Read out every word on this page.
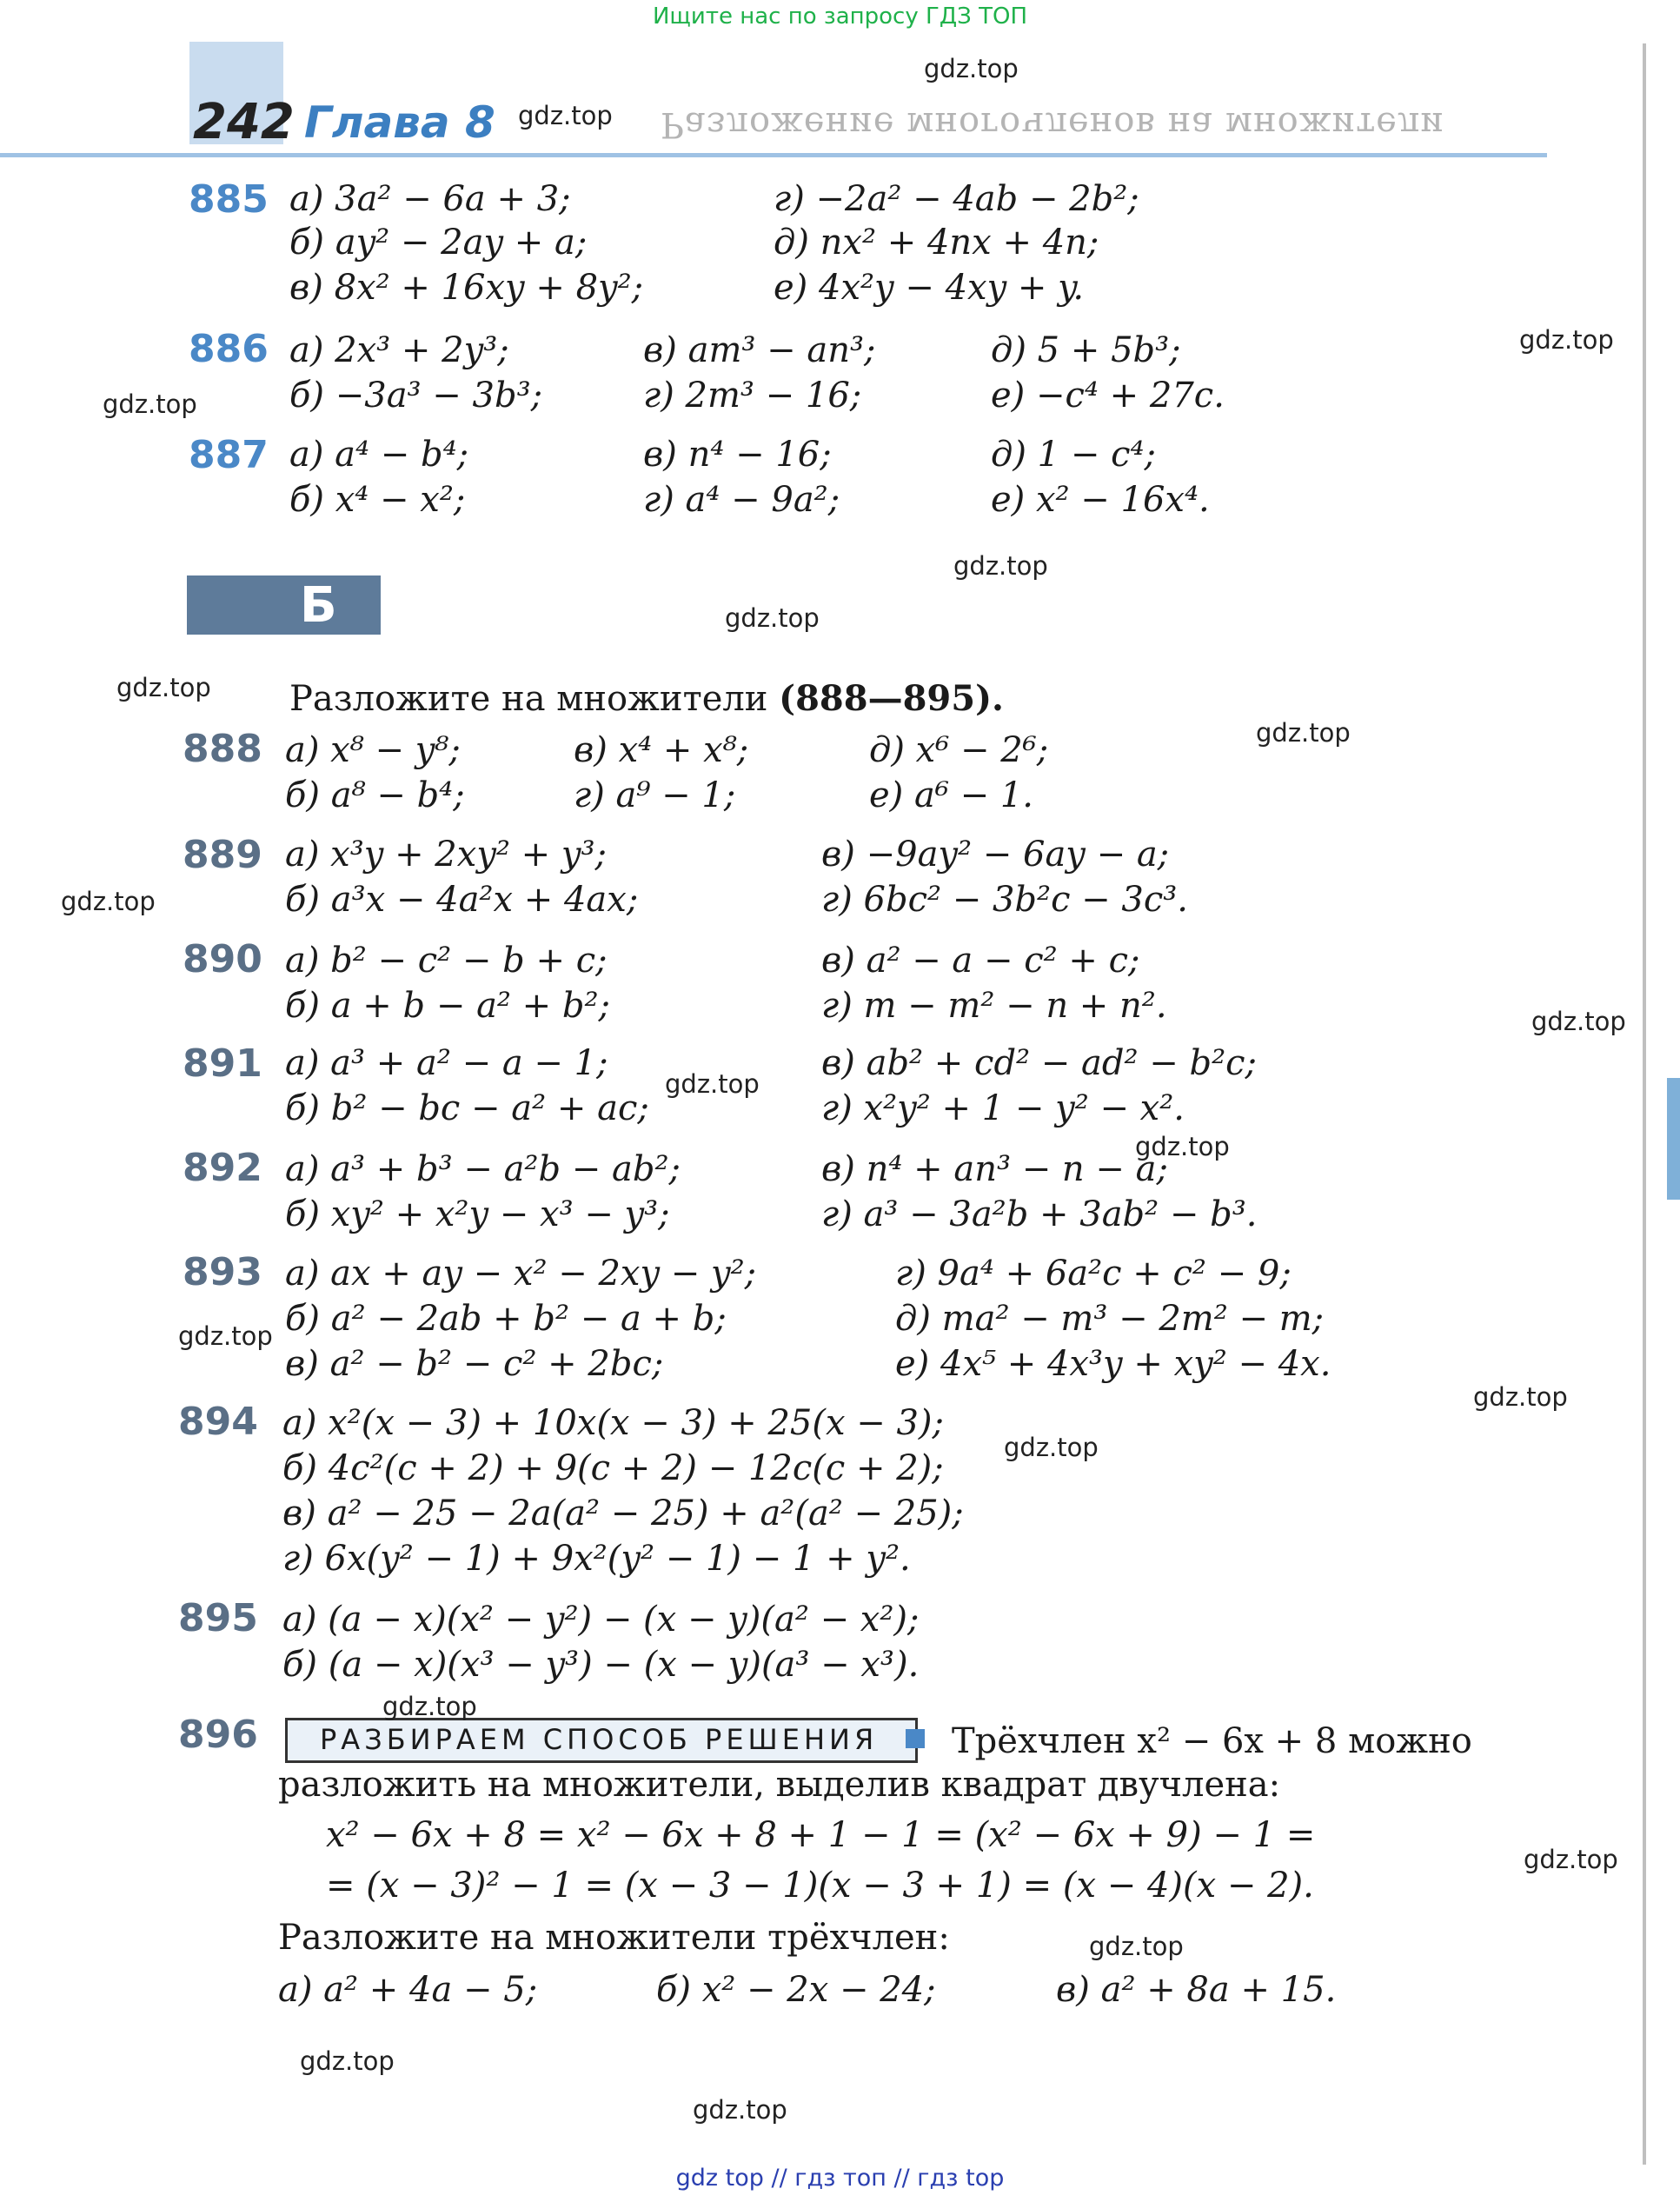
Ищите нас по запросу ГДЗ ТОП
242 Глава 8	Разложение многочленов на множители
885 а) 3a² − 6a + 3;	г) −2a² − 4ab − 2b²;
б) ay² − 2ay + a;	д) nx² + 4nx + 4n;
в) 8x² + 16xy + 8y²;	е) 4x²y − 4xy + y.
886 а) 2x³ + 2y³;	в) am³ − an³;	д) 5 + 5b³;
б) −3a³ − 3b³;	г) 2m³ − 16;	е) −c⁴ + 27c.
887 а) a⁴ − b⁴;	в) n⁴ − 16;	д) 1 − c⁴;
б) x⁴ − x²;	г) a⁴ − 9a²;	е) x² − 16x⁴.
Б
Разложите на множители (888—895).
888 а) x⁸ − y⁸;	в) x⁴ + x⁸;	д) x⁶ − 2⁶;
б) a⁸ − b⁴;	г) a⁹ − 1;	е) a⁶ − 1.
889 а) x³y + 2xy² + y³;	в) −9ay² − 6ay − a;
б) a³x − 4a²x + 4ax;	г) 6bc² − 3b²c − 3c³.
890 а) b² − c² − b + c;	в) a² − a − c² + c;
б) a + b − a² + b²;	г) m − m² − n + n².
891 а) a³ + a² − a − 1;	в) ab² + cd² − ad² − b²c;
б) b² − bc − a² + ac;	г) x²y² + 1 − y² − x².
892 а) a³ + b³ − a²b − ab²;	в) n⁴ + an³ − n − a;
б) xy² + x²y − x³ − y³;	г) a³ − 3a²b + 3ab² − b³.
893 а) ax + ay − x² − 2xy − y²;	г) 9a⁴ + 6a²c + c² − 9;
б) a² − 2ab + b² − a + b;	д) ma² − m³ − 2m² − m;
в) a² − b² − c² + 2bc;	е) 4x⁵ + 4x³y + xy² − 4x.
894 а) x²(x − 3) + 10x(x − 3) + 25(x − 3);
б) 4c²(c + 2) + 9(c + 2) − 12c(c + 2);
в) a² − 25 − 2a(a² − 25) + a²(a² − 25);
г) 6x(y² − 1) + 9x²(y² − 1) − 1 + y².
895 а) (a − x)(x² − y²) − (x − y)(a² − x²);
б) (a − x)(x³ − y³) − (x − y)(a³ − x³).
896 РАЗБИРАЕМ СПОСОБ РЕШЕНИЯ Трёхчлен x² − 6x + 8 можно
разложить на множители, выделив квадрат двучлена:
x² − 6x + 8 = x² − 6x + 8 + 1 − 1 = (x² − 6x + 9) − 1 =
= (x − 3)² − 1 = (x − 3 − 1)(x − 3 + 1) = (x − 4)(x − 2).
Разложите на множители трёхчлен:
а) a² + 4a − 5;	б) x² − 2x − 24;	в) a² + 8a + 15.
gdz.top
gdz.top
gdz.top
gdz.top
gdz.top
gdz.top
gdz.top
gdz.top
gdz.top
gdz.top
gdz.top
gdz.top
gdz.top
gdz.top
gdz.top
gdz.top
gdz.top
gdz.top
gdz.top
gdz.top
gdz top // гдз топ // гдз top
